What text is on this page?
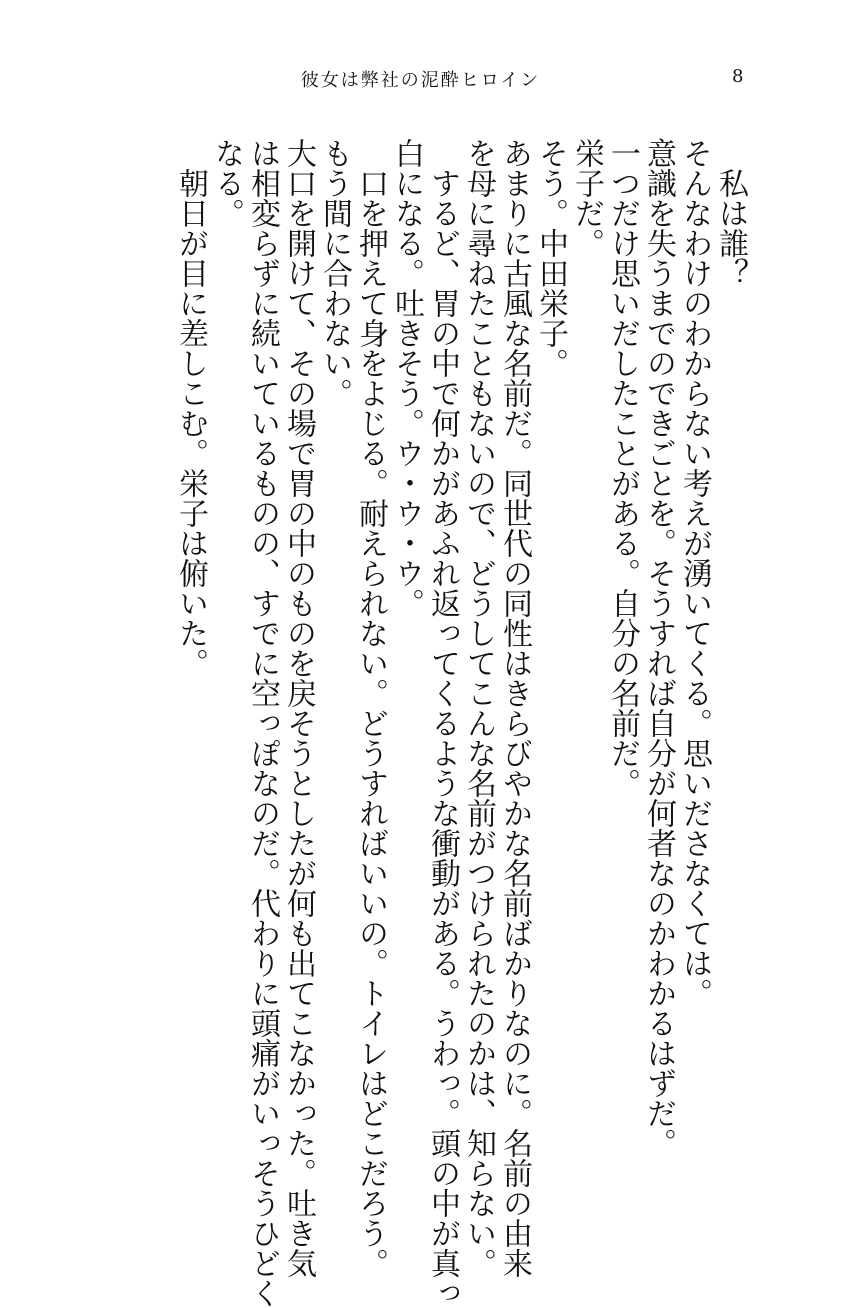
彼女は弊社の泥酔ヒロイン	8
私は誰？
そんなわけのわからない考えが湧いてくる。思いださなくては。
意識を失うまでのできごとを。そうすれば自分が何者なのかわかるはずだ。
一つだけ思いだしたことがある。自分の名前だ。
栄子だ。
そう。中田栄子。
あまりに古風な名前だ。同世代の同性はきらびやかな名前ばかりなのに。名前の由来
を母に尋ねたこともないので、どうしてこんな名前がつけられたのかは、知らない。
するど、胃の中で何かがあふれ返ってくるような衝動がある。うわっ。頭の中が真っ
白になる。吐きそう。ウ・ウ・ウ。
口を押えて身をよじる。耐えられない。どうすればいいの。トイレはどこだろう。
もう間に合わない。
大口を開けて、その場で胃の中のものを戻そうとしたが何も出てこなかった。吐き気
は相変らずに続いているものの、すでに空っぽなのだ。代わりに頭痛がいっそうひどく
なる。
朝日が目に差しこむ。栄子は俯いた。
